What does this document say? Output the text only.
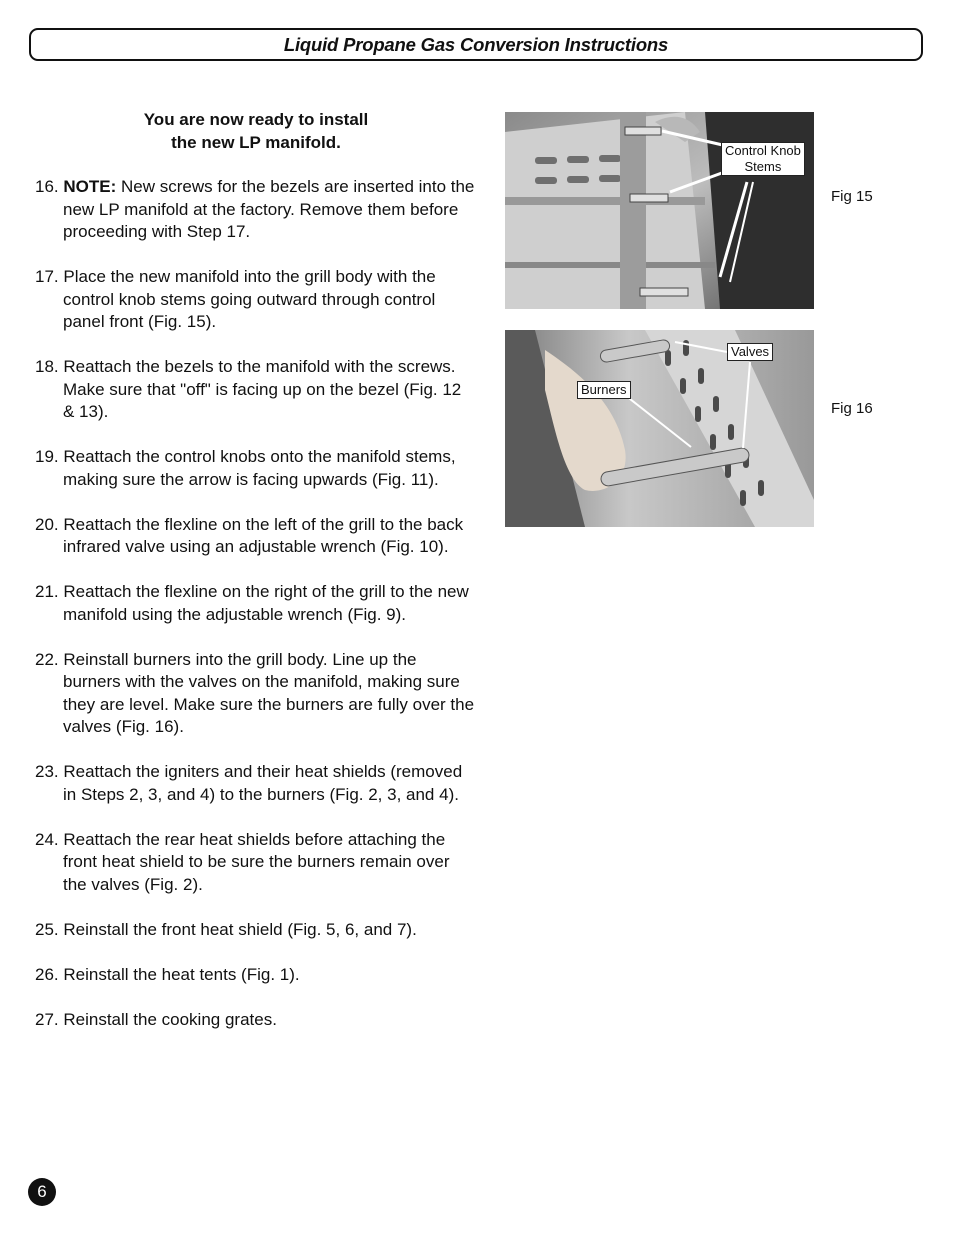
Liquid Propane Gas Conversion Instructions
You are now ready to install
the new LP manifold.
16. NOTE: New screws for the bezels are inserted into the new LP manifold at the factory. Remove them before proceeding with Step 17.
17. Place the new manifold into the grill body with the control knob stems going outward through control panel front (Fig. 15).
18. Reattach the bezels to the manifold with the screws. Make sure that "off" is facing up on the bezel (Fig. 12 & 13).
19. Reattach the control knobs onto the manifold stems, making sure the arrow is facing upwards (Fig. 11).
20. Reattach the flexline on the left of the grill to the back infrared valve using an adjustable wrench (Fig. 10).
21. Reattach the flexline on the right of the grill to the new manifold using the adjustable wrench (Fig. 9).
22. Reinstall burners into the grill body. Line up the burners with the valves on the manifold, making sure they are level. Make sure the burners are fully over the valves (Fig. 16).
23. Reattach the igniters and their heat shields (removed in Steps 2, 3, and 4) to the burners (Fig. 2, 3, and 4).
24. Reattach the rear heat shields before attaching the front heat shield to be sure the burners remain over the valves (Fig. 2).
25. Reinstall the front heat shield (Fig. 5, 6, and 7).
26. Reinstall the heat tents (Fig. 1).
27. Reinstall the cooking grates.
Control Knob
Stems
Fig 15
Valves
Burners
Fig 16
6
